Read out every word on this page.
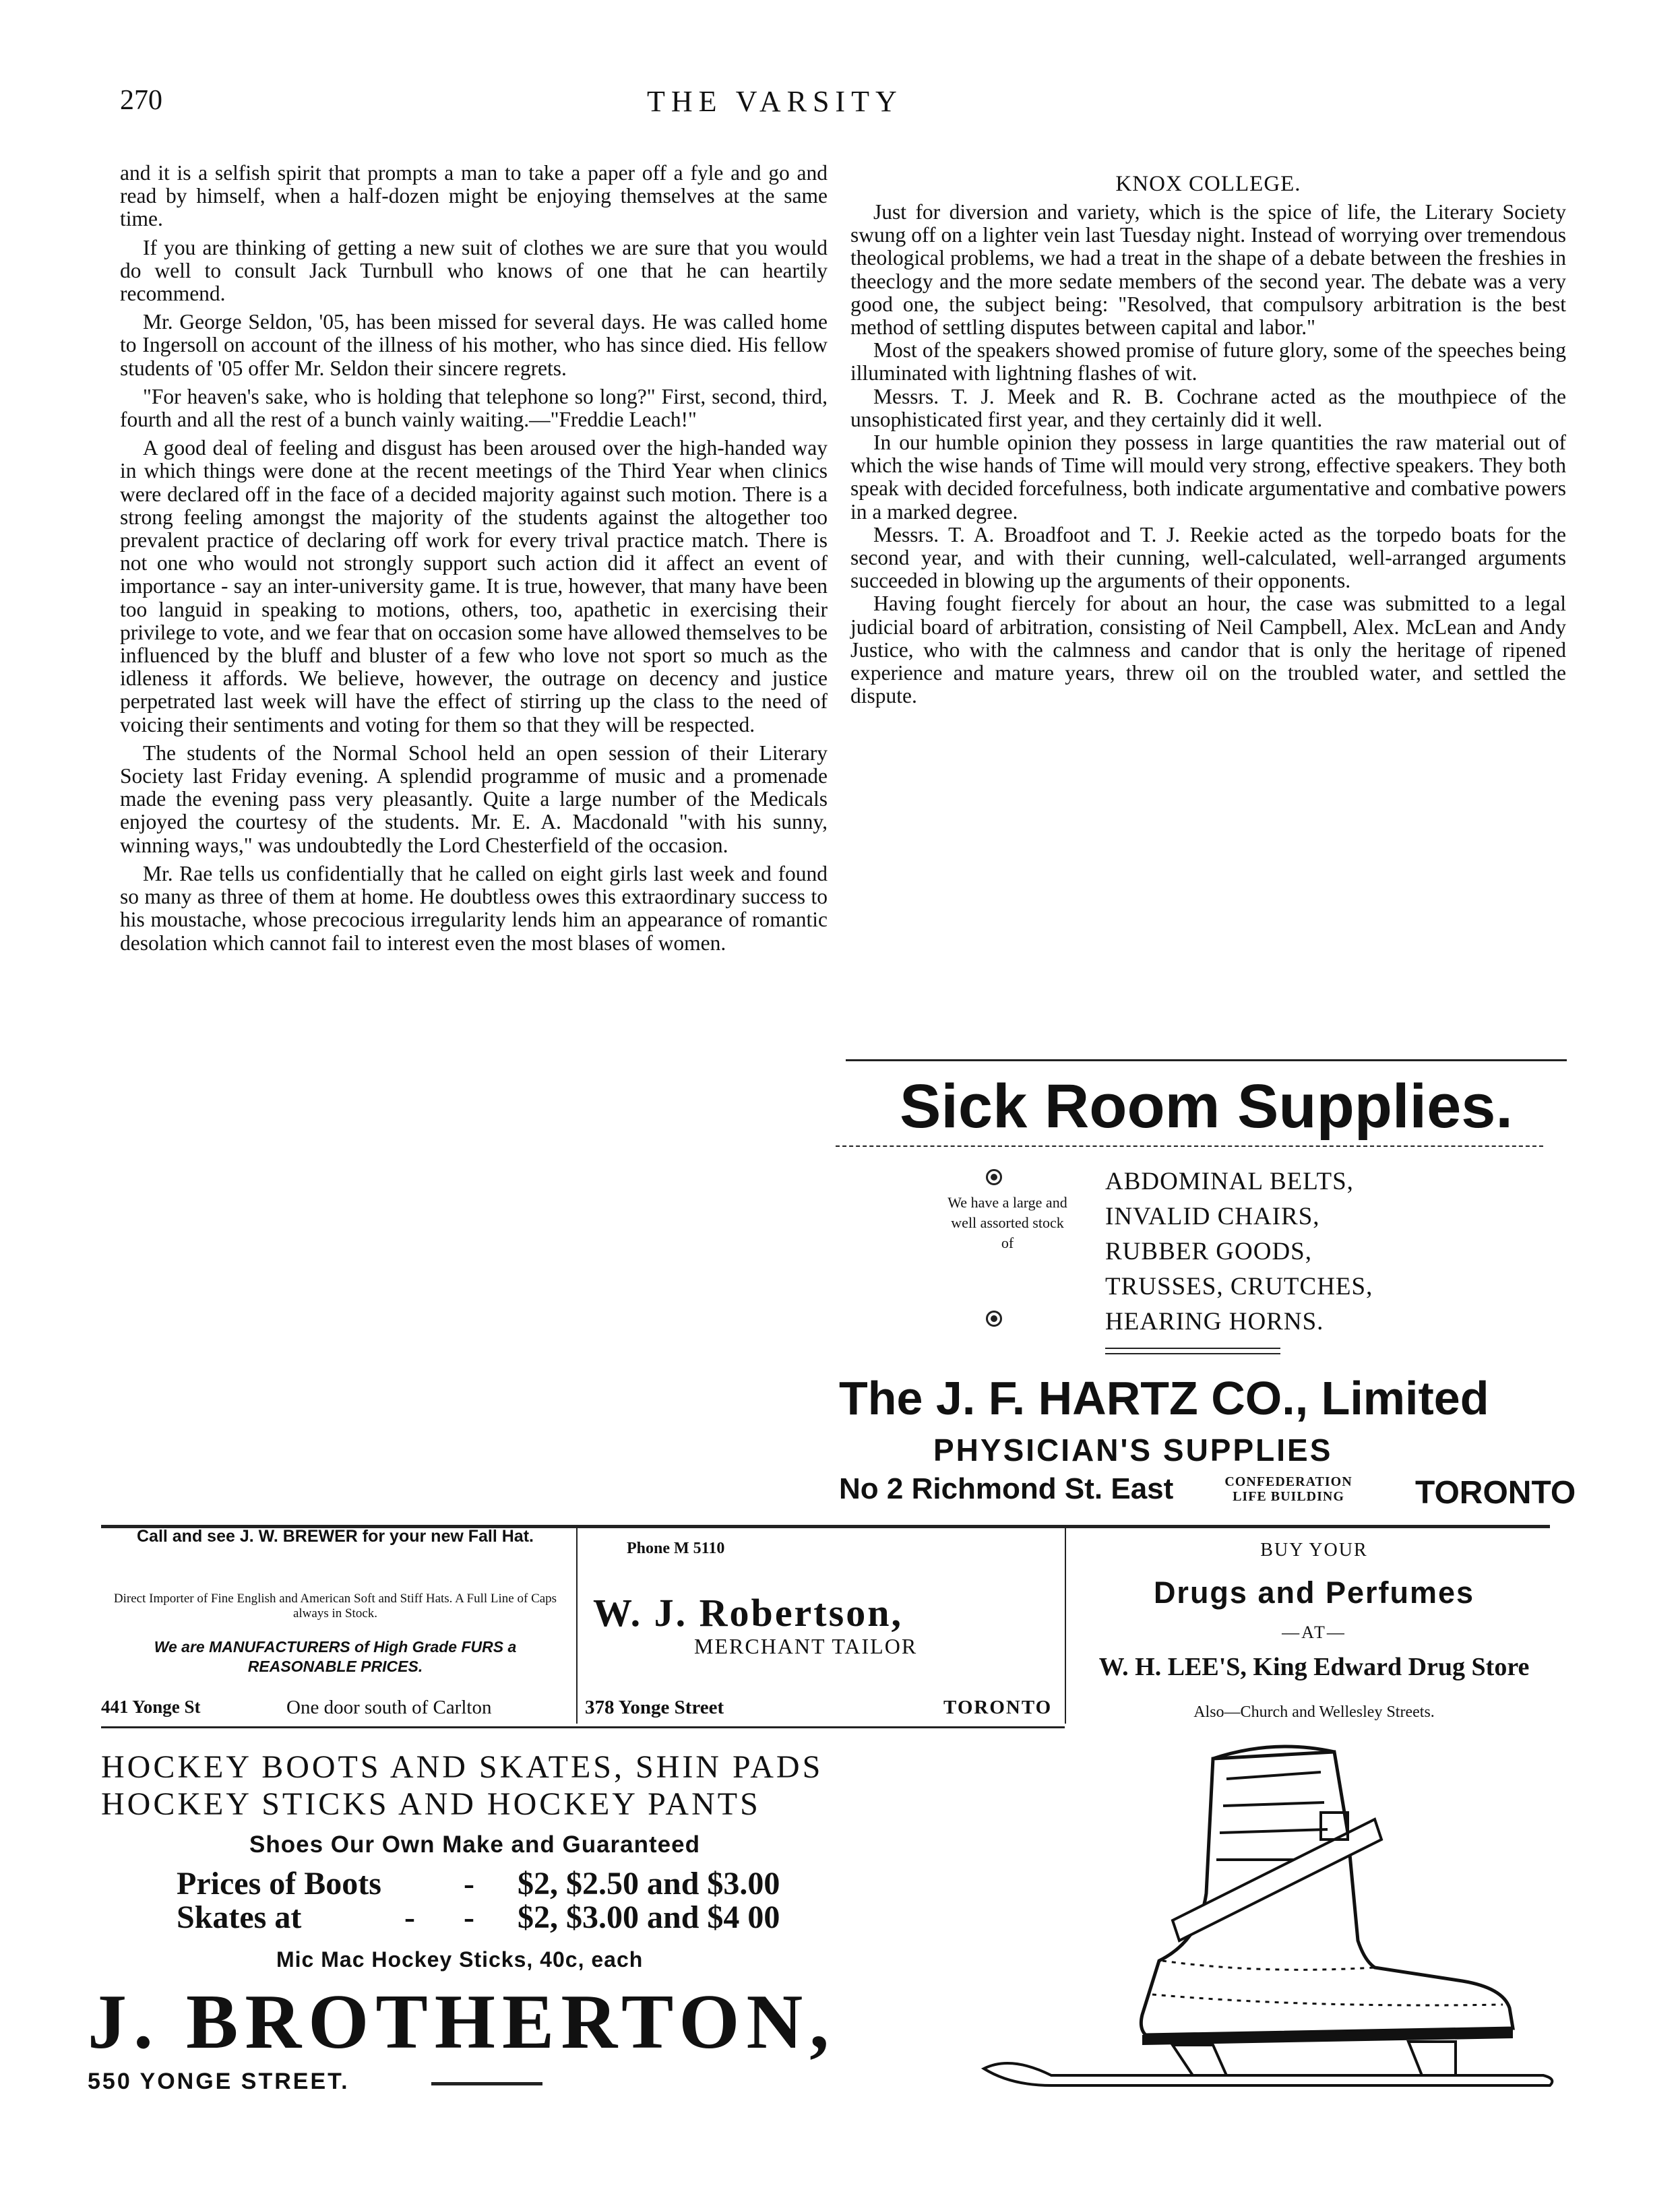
270	THE VARSITY

and it is a selfish spirit that prompts a man to take a paper off a fyle and go and read by himself, when a half-dozen might be enjoying themselves at the same time.

If you are thinking of getting a new suit of clothes we are sure that you would do well to consult Jack Turnbull who knows of one that he can heartily recommend.

Mr. George Seldon, '05, has been missed for several days. He was called home to Ingersoll on account of the illness of his mother, who has since died. His fellow students of '05 offer Mr. Seldon their sincere regrets.

"For heaven's sake, who is holding that telephone so long?" First, second, third, fourth and all the rest of a bunch vainly waiting.—"Freddie Leach!"

A good deal of feeling and disgust has been aroused over the high-handed way in which things were done at the recent meetings of the Third Year when clinics were declared off in the face of a decided majority against such motion. There is a strong feeling amongst the majority of the students against the altogether too prevalent practice of declaring off work for every trival practice match. There is not one who would not strongly support such action did it affect an event of importance - say an inter-university game. It is true, however, that many have been too languid in speaking to motions, others, too, apathetic in exercising their privilege to vote, and we fear that on occasion some have allowed themselves to be influenced by the bluff and bluster of a few who love not sport so much as the idleness it affords. We believe, however, the outrage on decency and justice perpetrated last week will have the effect of stirring up the class to the need of voicing their sentiments and voting for them so that they will be respected.

The students of the Normal School held an open session of their Literary Society last Friday evening. A splendid programme of music and a promenade made the evening pass very pleasantly. Quite a large number of the Medicals enjoyed the courtesy of the students. Mr. E. A. Macdonald "with his sunny, winning ways," was undoubtedly the Lord Chesterfield of the occasion.

Mr. Rae tells us confidentially that he called on eight girls last week and found so many as three of them at home. He doubtless owes this extraordinary success to his moustache, whose precocious irregularity lends him an appearance of romantic desolation which cannot fail to interest even the most blases of women.

KNOX COLLEGE.

Just for diversion and variety, which is the spice of life, the Literary Society swung off on a lighter vein last Tuesday night. Instead of worrying over tremendous theological problems, we had a treat in the shape of a debate between the freshies in theeclogy and the more sedate members of the second year. The debate was a very good one, the subject being: "Resolved, that compulsory arbitration is the best method of settling disputes between capital and labor."

Most of the speakers showed promise of future glory, some of the speeches being illuminated with lightning flashes of wit.

Messrs. T. J. Meek and R. B. Cochrane acted as the mouthpiece of the unsophisticated first year, and they certainly did it well.

In our humble opinion they possess in large quantities the raw material out of which the wise hands of Time will mould very strong, effective speakers. They both speak with decided forcefulness, both indicate argumentative and combative powers in a marked degree.

Messrs. T. A. Broadfoot and T. J. Reekie acted as the torpedo boats for the second year, and with their cunning, well-calculated, well-arranged arguments succeeded in blowing up the arguments of their opponents.

Having fought fiercely for about an hour, the case was submitted to a legal judicial board of arbitration, consisting of Neil Campbell, Alex. McLean and Andy Justice, who with the calmness and candor that is only the heritage of ripened experience and mature years, threw oil on the troubled water, and settled the dispute.

Sick Room Supplies.
We have a large and well assorted stock of
ABDOMINAL BELTS,
INVALID CHAIRS,
RUBBER GOODS,
TRUSSES, CRUTCHES,
HEARING HORNS.
The J. F. HARTZ CO., Limited
PHYSICIAN'S SUPPLIES
No 2 Richmond St. East	CONFEDERATION LIFE BUILDING	TORONTO
Call and see J. W. BREWER for your new Fall Hat.
Direct Importer of Fine English and American Soft and Stiff Hats. A Full Line of Caps always in Stock.
We are MANUFACTURERS of High Grade FURS a REASONABLE PRICES.
441 Yonge St	One door south of Carlton
Phone M 5110
W. J. Robertson,
MERCHANT TAILOR
378 Yonge Street	TORONTO
BUY YOUR
Drugs and Perfumes
—AT—
W. H. LEE'S, King Edward Drug Store
Also—Church and Wellesley Streets.
HOCKEY BOOTS AND SKATES, SHIN PADS
HOCKEY STICKS AND HOCKEY PANTS
Shoes Our Own Make and Guaranteed
Prices of Boots	- $2, $2.50 and $3.00
Skates at	- - $2, $3.00 and $4 00
Mic Mac Hockey Sticks, 40c, each
J. BROTHERTON,
550 YONGE STREET.
